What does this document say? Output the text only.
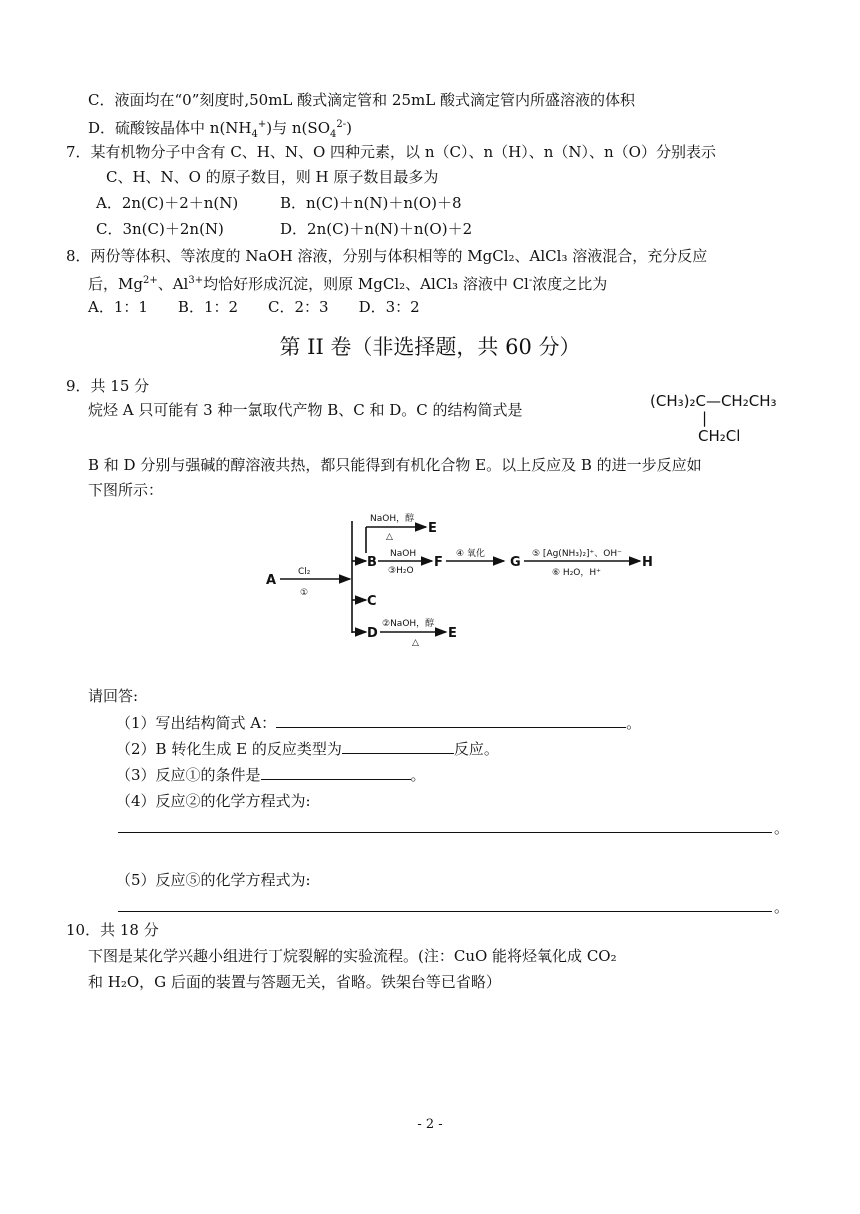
C．液面均在“0”刻度时,50mL 酸式滴定管和 25mL 酸式滴定管内所盛溶液的体积
D．硫酸铵晶体中 $n(NH_4^+)$与 $n(SO_4^{2-})$
7．某有机物分子中含有 C、H、N、O 四种元素，以 n（C）、n（H）、n（N）、n（O）分别表示
C、H、N、O 的原子数目，则 H 原子数目最多为
A．2n(C)＋2＋n(N)	B．n(C)＋n(N)＋n(O)＋8
C．3n(C)＋2n(N)	D．2n(C)＋n(N)＋n(O)＋2
8．两份等体积、等浓度的 NaOH 溶液，分别与体积相等的 MgCl₂、AlCl₃ 溶液混合，充分反应
后，$Mg^{2+}$、$Al^{3+}$均恰好形成沉淀，则原 MgCl₂、AlCl₃ 溶液中 Cl-浓度之比为
A．1：1　　B．1：2　　C．2：3　　D．3：2
第 II 卷（非选择题，共 60 分）
9．共 15 分
烷烃 A 只可能有 3 种一氯取代产物 B、C 和 D。C 的结构简式是	(CH₃)₂C—CH₂CH₃
|
CH₂Cl
B 和 D 分别与强碱的醇溶液共热，都只能得到有机化合物 E。以上反应及 B 的进一步反应如
下图所示：
A
B
C
D
E
F	G	H
E
Cl₂
①
NaOH，醇
△
NaOH
③H₂O
④ 氧化	⑤ [Ag(NH₃)₂]⁺、OH⁻
⑥ H₂O，H⁺
②NaOH，醇
△
请回答:
（1）写出结构简式 A：	。
（2）B 转化生成 E 的反应类型为	反应。
（3）反应①的条件是	。
（4）反应②的化学方程式为:
。
（5）反应⑤的化学方程式为:
。
10．共 18 分
下图是某化学兴趣小组进行丁烷裂解的实验流程。(注：CuO 能将烃氧化成 CO₂
和 H₂O，G 后面的装置与答题无关，省略。铁架台等已省略）
- 2 -
